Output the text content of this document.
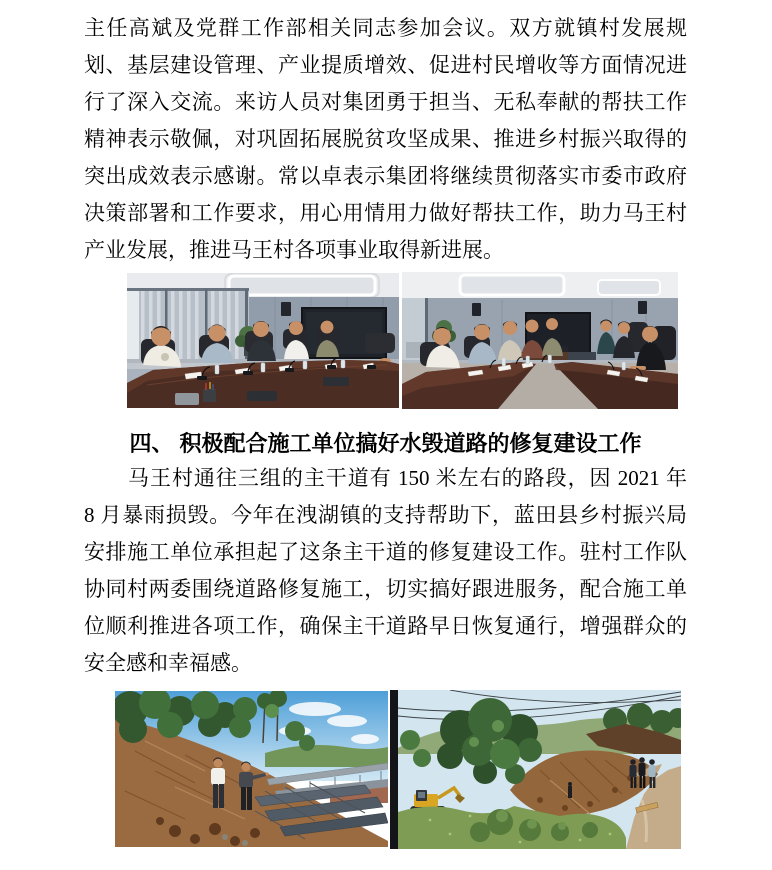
主任高斌及党群工作部相关同志参加会议。双方就镇村发展规
划、基层建设管理、产业提质增效、促进村民增收等方面情况进
行了深入交流。来访人员对集团勇于担当、无私奉献的帮扶工作
精神表示敬佩，对巩固拓展脱贫攻坚成果、推进乡村振兴取得的
突出成效表示感谢。常以卓表示集团将继续贯彻落实市委市政府
决策部署和工作要求，用心用情用力做好帮扶工作，助力马王村
产业发展，推进马王村各项事业取得新进展。
四、 积极配合施工单位搞好水毁道路的修复建设工作
马王村通往三组的主干道有 150 米左右的路段，因 2021 年
8 月暴雨损毁。今年在洩湖镇的支持帮助下，蓝田县乡村振兴局
安排施工单位承担起了这条主干道的修复建设工作。驻村工作队
协同村两委围绕道路修复施工，切实搞好跟进服务，配合施工单
位顺利推进各项工作，确保主干道路早日恢复通行，增强群众的
安全感和幸福感。
